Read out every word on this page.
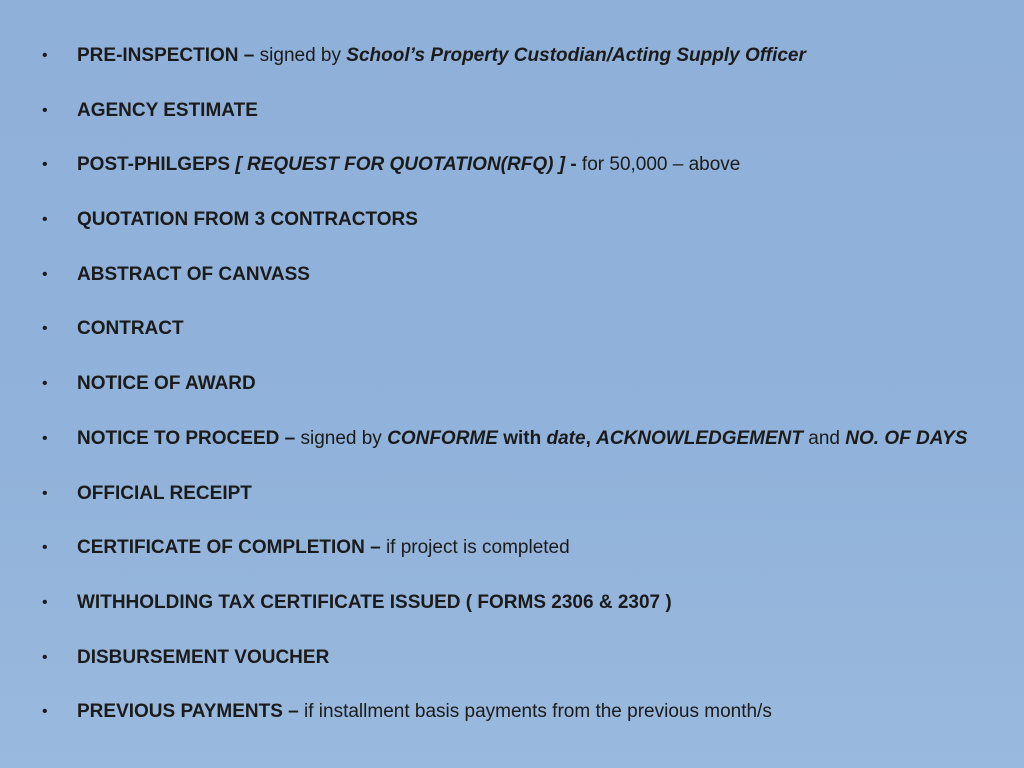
• PRE-INSPECTION – signed by School’s Property Custodian/Acting Supply Officer
• AGENCY ESTIMATE
• POST-PHILGEPS [ REQUEST FOR QUOTATION(RFQ) ] - for 50,000 – above
• QUOTATION FROM 3 CONTRACTORS
• ABSTRACT OF CANVASS
• CONTRACT
• NOTICE OF AWARD
• NOTICE TO PROCEED – signed by CONFORME with date, ACKNOWLEDGEMENT and NO. OF DAYS
• OFFICIAL RECEIPT
• CERTIFICATE OF COMPLETION – if project is completed
• WITHHOLDING TAX CERTIFICATE ISSUED ( FORMS 2306 & 2307 )
• DISBURSEMENT VOUCHER
• PREVIOUS PAYMENTS – if installment basis payments from the previous month/s
